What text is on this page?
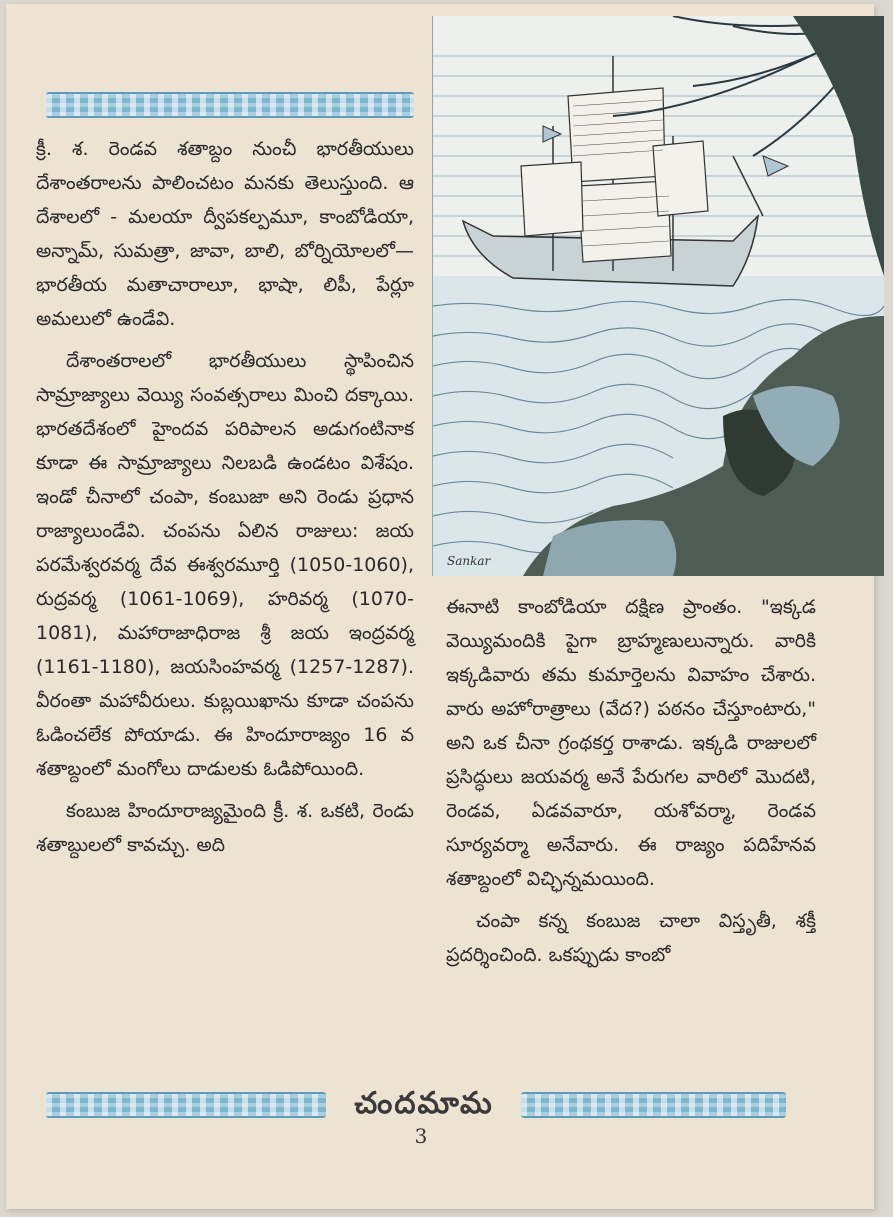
క్రీ. శ. రెండవ శతాబ్దం నుంచీ భారతీయులు దేశాంతరాలను పాలించటం మనకు తెలుస్తుంది. ఆ దేశాలలో - మలయా ద్వీపకల్పమూ, కాంబోడియా, అన్నామ్, సుమత్రా, జావా, బాలి, బోర్నియోలలో— భారతీయ మతాచారాలూ, భాషా, లిపీ, పేర్లూ అమలులో ఉండేవి.

దేశాంతరాలలో భారతీయులు స్థాపించిన సామ్రాజ్యాలు వెయ్యి సంవత్సరాలు మించి దక్కాయి. భారతదేశంలో హైందవ పరిపాలన అడుగంటినాక కూడా ఈ సామ్రాజ్యాలు నిలబడి ఉండటం విశేషం. ఇండో చీనాలో చంపా, కంబుజా అని రెండు ప్రధాన రాజ్యాలుండేవి. చంపను ఏలిన రాజులు: జయ పరమేశ్వరవర్మ దేవ ఈశ్వరమూర్తి (1050-1060), రుద్రవర్మ (1061-1069), హరివర్మ (1070-1081), మహారాజాధిరాజ శ్రీ జయ ఇంద్రవర్మ (1161-1180), జయసింహవర్మ (1257-1287). వీరంతా మహావీరులు. కుబ్లయిఖాను కూడా చంపను ఓడించలేక పోయాడు. ఈ హిందూరాజ్యం 16 వ శతాబ్దంలో మంగోలు దాడులకు ఓడిపోయింది.

కంబుజ హిందూరాజ్యమైంది క్రీ. శ. ఒకటి, రెండు శతాబ్దులలో కావచ్చు. అది

Sankar

ఈనాటి కాంబోడియా దక్షిణ ప్రాంతం. "ఇక్కడ వెయ్యిమందికి పైగా బ్రాహ్మణులున్నారు. వారికి ఇక్కడివారు తమ కుమార్తెలను వివాహం చేశారు. వారు అహోరాత్రాలు (వేద?) పఠనం చేస్తూంటారు," అని ఒక చీనా గ్రంథకర్త రాశాడు. ఇక్కడి రాజులలో ప్రసిద్ధులు జయవర్మ అనే పేరుగల వారిలో మొదటి, రెండవ, ఏడవవారూ, యశోవర్మా, రెండవ సూర్యవర్మా అనేవారు. ఈ రాజ్యం పదిహేనవ శతాబ్దంలో విచ్ఛిన్నమయింది.

చంపా కన్న కంబుజ చాలా విస్తృతీ, శక్తీ ప్రదర్శించింది. ఒకప్పుడు కాంబో

చందమామ
3
